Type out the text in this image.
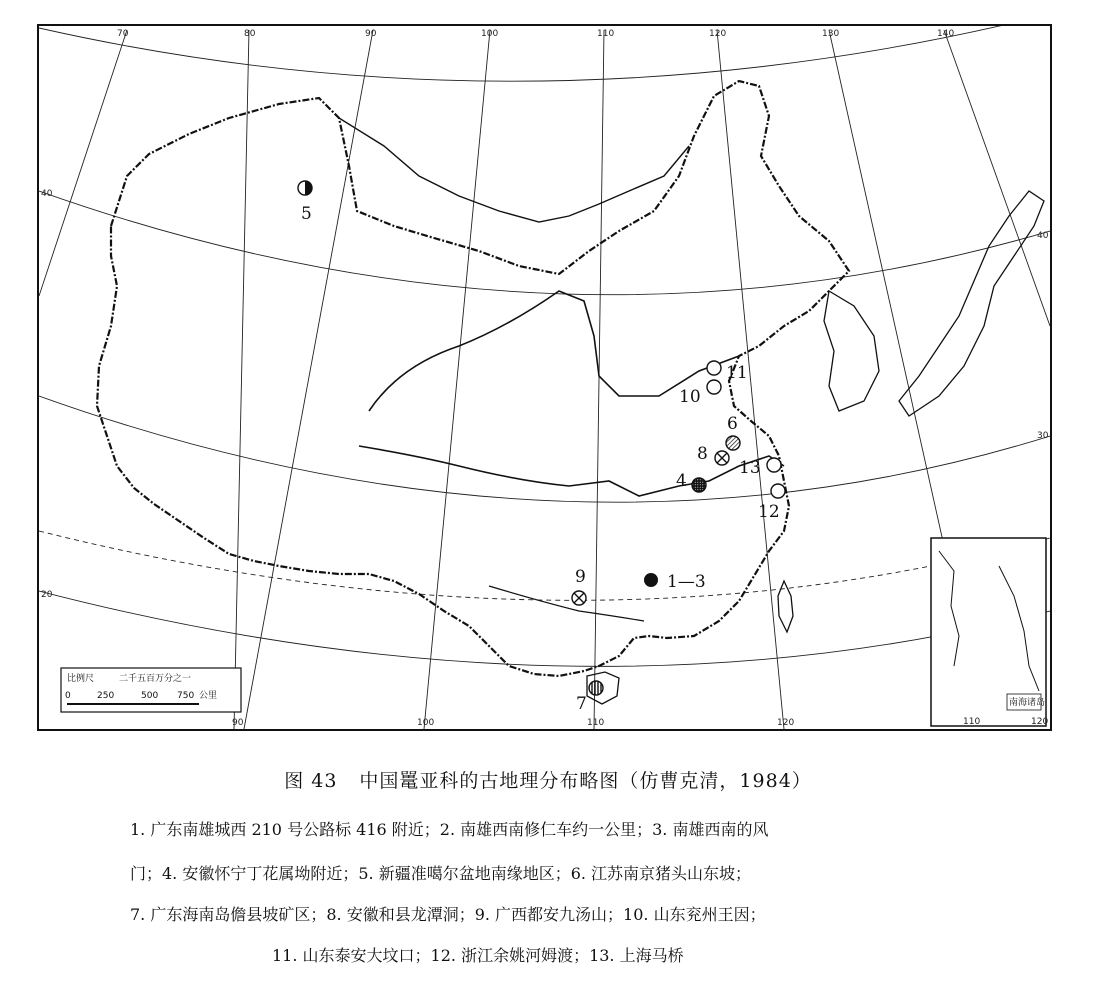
70	80	90	100	110	120	130	140
90	100	110	120
40
20
40
30
110	120
南海诸岛
比例尺	二千五百万分之一
0	250	500 750 公里
1—3
4
5
6
7
8
9
10
11
12
13
图 43 中国鼍亚科的古地理分布略图（仿曹克清，1984）

1. 广东南雄城西 210 号公路标 416 附近；2. 南雄西南修仁车约一公里；3. 南雄西南的风

门；4. 安徽怀宁丁花属坳附近；5. 新疆准噶尔盆地南缘地区；6. 江苏南京猪头山东坡；

7. 广东海南岛儋县坡矿区；8. 安徽和县龙潭洞；9. 广西都安九汤山；10. 山东兖州王因；

11. 山东泰安大坟口；12. 浙江余姚河姆渡；13. 上海马桥
